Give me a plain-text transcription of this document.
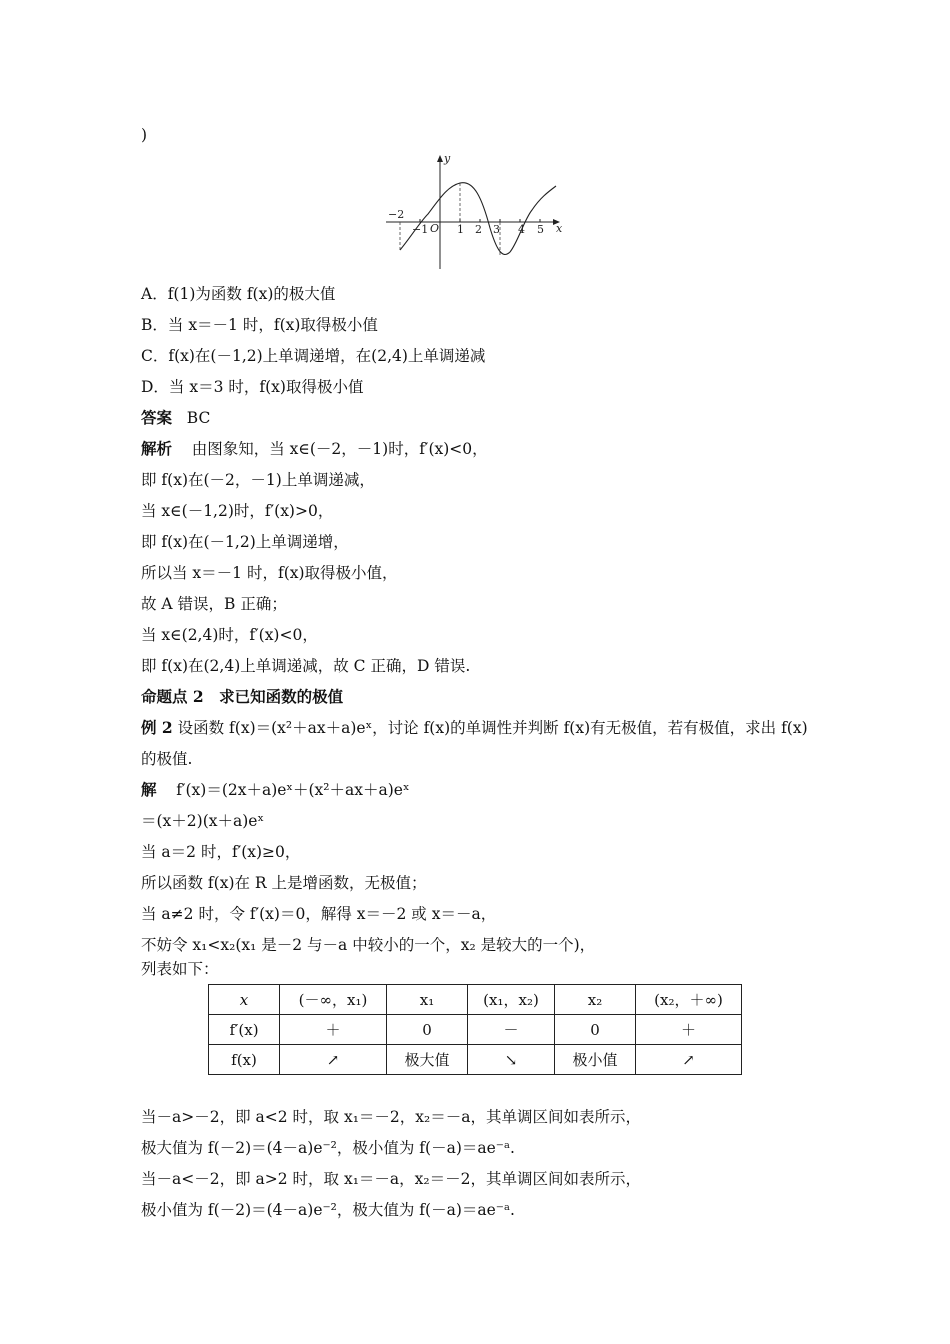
)
y
x
O
−2
−1	1 2 3 4 5
A．f(1)为函数 f(x)的极大值
B．当 x＝－1 时，f(x)取得极小值
C．f(x)在(－1,2)上单调递增，在(2,4)上单调递减
D．当 x＝3 时，f(x)取得极小值
答案 BC
解析 由图象知，当 x∈(－2，－1)时，f′(x)<0，
即 f(x)在(－2，－1)上单调递减，
当 x∈(－1,2)时，f′(x)>0，
即 f(x)在(－1,2)上单调递增，
所以当 x＝－1 时，f(x)取得极小值，
故 A 错误，B 正确；
当 x∈(2,4)时，f′(x)<0，
即 f(x)在(2,4)上单调递减，故 C 正确，D 错误.
命题点 2　求已知函数的极值
例 2 设函数 f(x)＝(x²＋ax＋a)eˣ，讨论 f(x)的单调性并判断 f(x)有无极值，若有极值，求出 f(x)
的极值.
解 f′(x)＝(2x＋a)eˣ＋(x²＋ax＋a)eˣ
＝(x＋2)(x＋a)eˣ
当 a＝2 时，f′(x)≥0，
所以函数 f(x)在 R 上是增函数，无极值；
当 a≠2 时，令 f′(x)＝0，解得 x＝－2 或 x＝－a，
不妨令 x₁<x₂(x₁ 是－2 与－a 中较小的一个，x₂ 是较大的一个)，
列表如下：
x	(－∞，x₁)	x₁	(x₁，x₂)	x₂	(x₂，＋∞)
f′(x)	＋	0	－	0	＋
f(x)	↗	极大值	↘	极小值	↗
当－a>－2，即 a<2 时，取 x₁＝－2，x₂＝－a，其单调区间如表所示，
极大值为 f(－2)＝(4－a)e⁻²，极小值为 f(－a)＝ae⁻ᵃ.
当－a<－2，即 a>2 时，取 x₁＝－a，x₂＝－2，其单调区间如表所示，
极小值为 f(－2)＝(4－a)e⁻²，极大值为 f(－a)＝ae⁻ᵃ.
